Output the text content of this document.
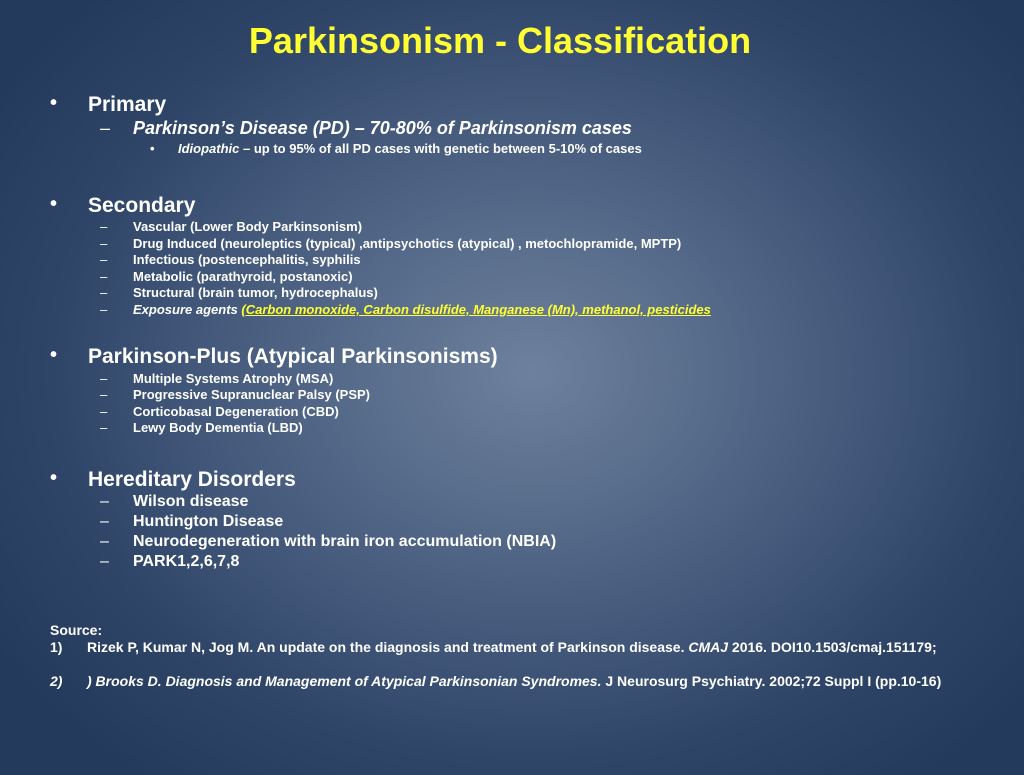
Parkinsonism - Classification
• Primary
– Parkinson’s Disease (PD) – 70-80% of Parkinsonism cases
• Idiopathic – up to 95% of all PD cases with genetic between 5-10% of cases
• Secondary
– Vascular (Lower Body Parkinsonism)
– Drug Induced (neuroleptics (typical) ,antipsychotics (atypical) , metochlopramide, MPTP)
– Infectious (postencephalitis, syphilis
– Metabolic (parathyroid, postanoxic)
– Structural (brain tumor, hydrocephalus)
– Exposure agents (Carbon monoxide, Carbon disulfide, Manganese (Mn), methanol, pesticides
• Parkinson-Plus (Atypical Parkinsonisms)
– Multiple Systems Atrophy (MSA)
– Progressive Supranuclear Palsy (PSP)
– Corticobasal Degeneration (CBD)
– Lewy Body Dementia (LBD)
• Hereditary Disorders
– Wilson disease
– Huntington Disease
– Neurodegeneration with brain iron accumulation (NBIA)
– PARK1,2,6,7,8
Source:
1) Rizek P, Kumar N, Jog M. An update on the diagnosis and treatment of Parkinson disease. CMAJ 2016. DOI10.1503/cmaj.151179;
2) ) Brooks D. Diagnosis and Management of Atypical Parkinsonian Syndromes. J Neurosurg Psychiatry. 2002;72 Suppl I (pp.10-16)
